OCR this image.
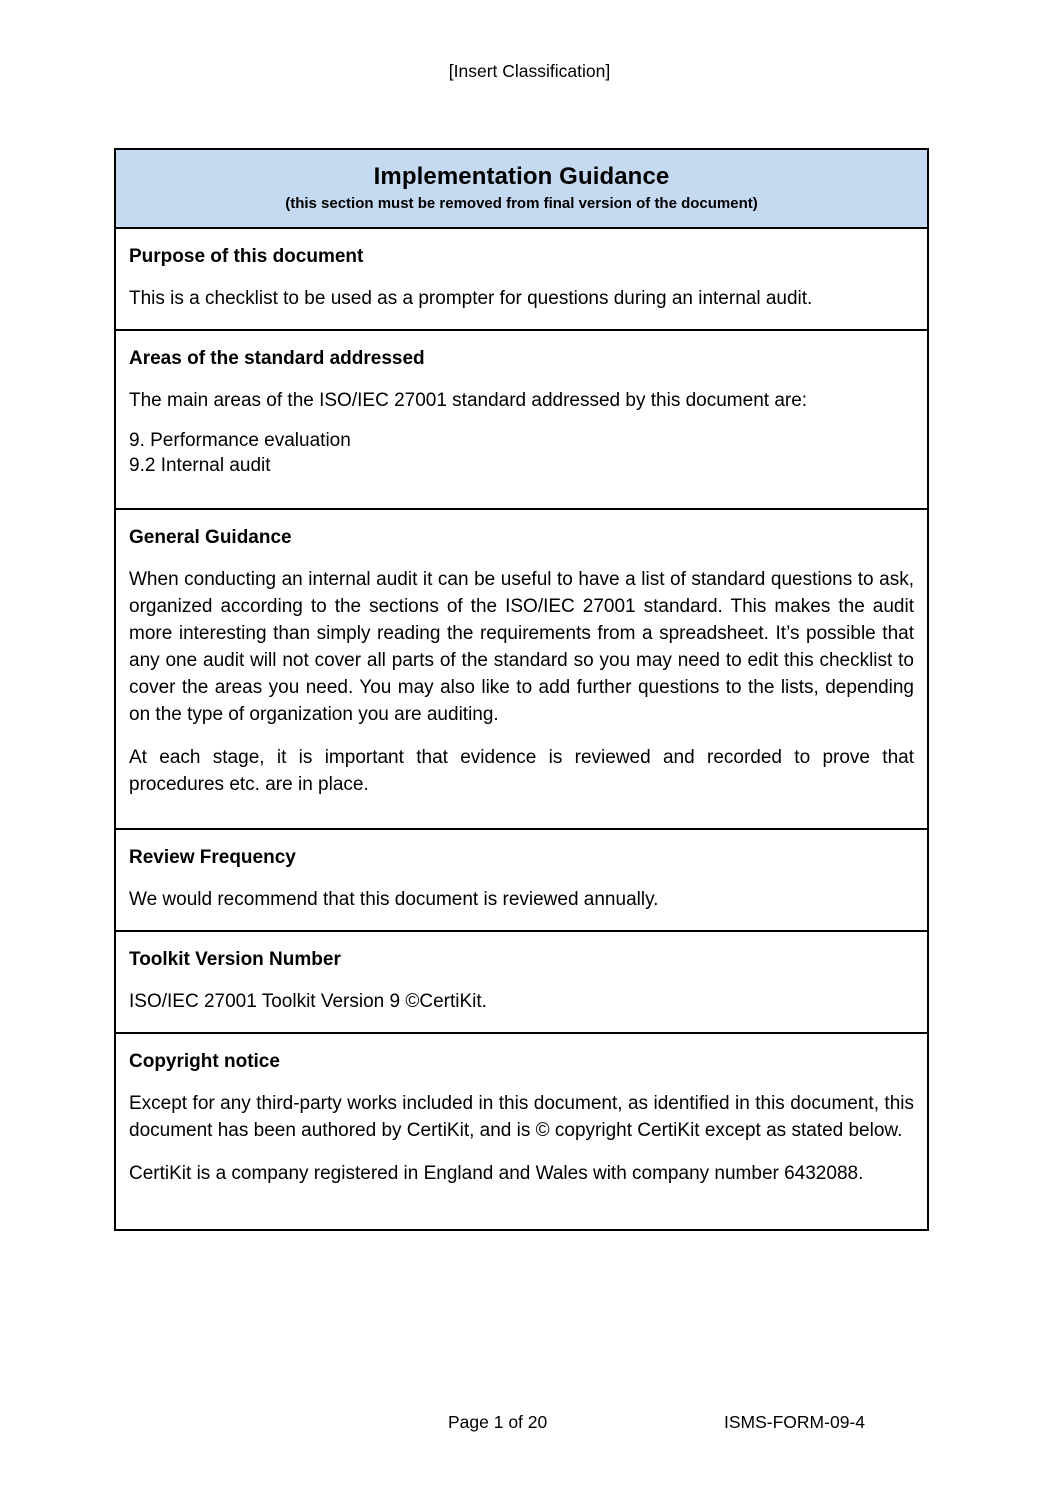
[Insert Classification]
Implementation Guidance
(this section must be removed from final version of the document)
Purpose of this document

This is a checklist to be used as a prompter for questions during an internal audit.

Areas of the standard addressed

The main areas of the ISO/IEC 27001 standard addressed by this document are:

9. Performance evaluation

9.2 Internal audit

General Guidance

When conducting an internal audit it can be useful to have a list of standard questions to ask, organized according to the sections of the ISO/IEC 27001 standard. This makes the audit more interesting than simply reading the requirements from a spreadsheet. It’s possible that any one audit will not cover all parts of the standard so you may need to edit this checklist to cover the areas you need. You may also like to add further questions to the lists, depending on the type of organization you are auditing.

At each stage, it is important that evidence is reviewed and recorded to prove that procedures etc. are in place.

Review Frequency

We would recommend that this document is reviewed annually.

Toolkit Version Number

ISO/IEC 27001 Toolkit Version 9 ©CertiKit.

Copyright notice

Except for any third-party works included in this document, as identified in this document, this document has been authored by CertiKit, and is © copyright CertiKit except as stated below.

CertiKit is a company registered in England and Wales with company number 6432088.

Page 1 of 20	ISMS-FORM-09-4
